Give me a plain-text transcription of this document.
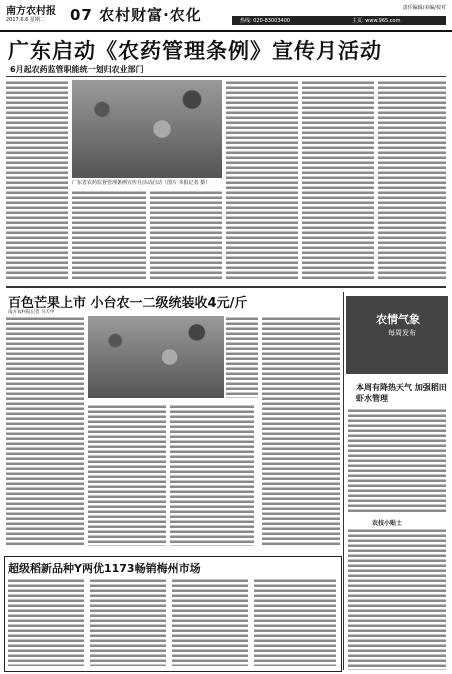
南方农村报
2017.6.6 星期二 07 农村财富·农化	责任编辑/美编/校对
热线: 020-83003400	主页: www.965.com
广东启动《农药管理条例》宣传月活动
6月起农药监管职能统一划归农业部门
广东省农药监督管理条例宣传月活动启动（图片 本报记者 摄）
百色芒果上市 小台农一二级统装收4元/斤
南方农村报记者 马天中
农情气象
每周发布
本周有降热天气 加强稻田虾水管理
农技小贴士
超级稻新品种Y两优1173畅销梅州市场
